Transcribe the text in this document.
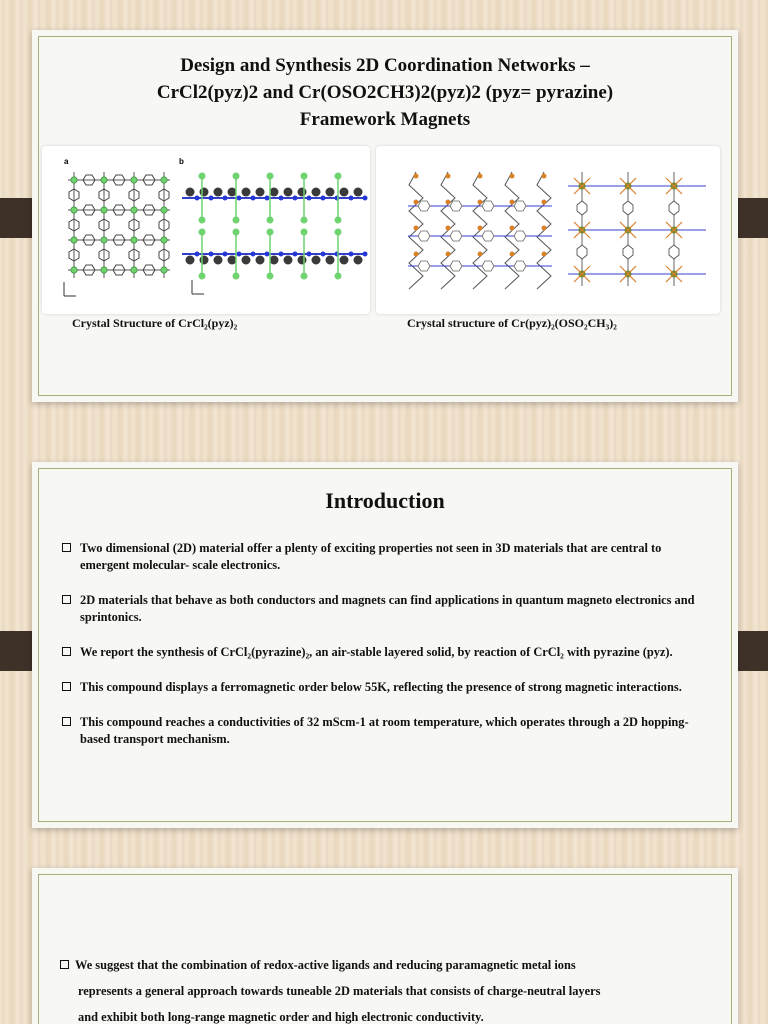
Design and Synthesis 2D Coordination Networks –
CrCl2(pyz)2 and Cr(OSO2CH3)2(pyz)2 (pyz= pyrazine)
Framework Magnets
a	b
Crystal Structure of CrCl₂(pyz)₂	Crystal structure of Cr(pyz)₂(OSO₂CH₃)₂
Introduction
Two dimensional (2D) material offer a plenty of exciting properties not seen in 3D materials that are central to emergent molecular- scale electronics.
2D materials that behave as both conductors and magnets can find applications in quantum magneto electronics and sprintonics.
We report the synthesis of CrCl₂(pyrazine)₂, an air-stable layered solid, by reaction of CrCl₂ with pyrazine (pyz).
This compound displays a ferromagnetic order below 55K, reflecting the presence of strong magnetic interactions.
This compound reaches a conductivities of 32 mScm-1 at room temperature, which operates through a 2D hopping-based transport mechanism.
We suggest that the combination of redox-active ligands and reducing paramagnetic metal ions
represents a general approach towards tuneable 2D materials that consists of charge-neutral layers
and exhibit both long-range magnetic order and high electronic conductivity.
